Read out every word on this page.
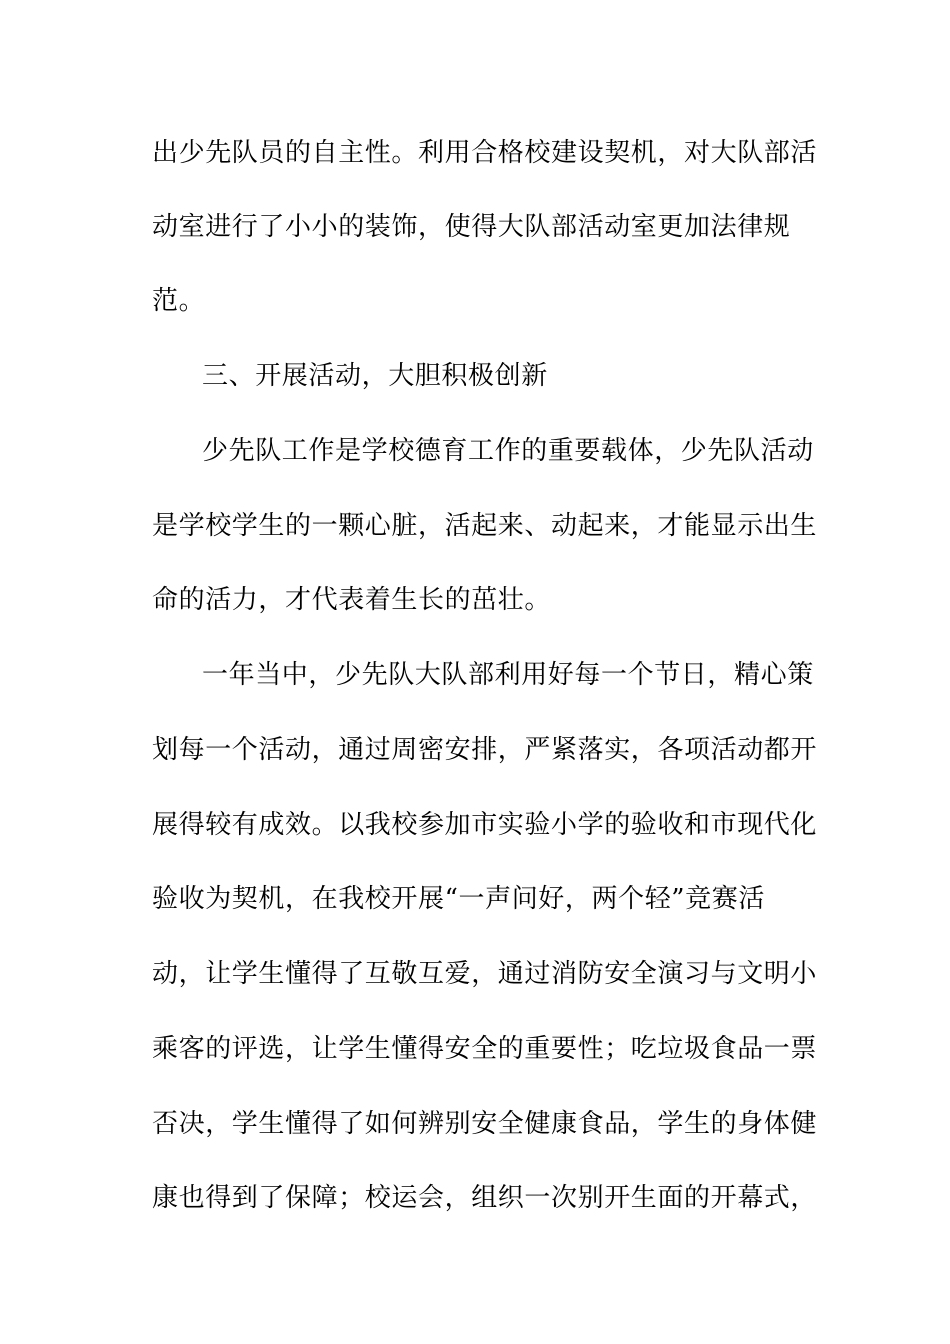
出少先队员的自主性。利用合格校建设契机，对大队部活
动室进行了小小的装饰，使得大队部活动室更加法律规
范。
三、开展活动，大胆积极创新
少先队工作是学校德育工作的重要载体，少先队活动
是学校学生的一颗心脏，活起来、动起来，才能显示出生
命的活力，才代表着生长的茁壮。
一年当中，少先队大队部利用好每一个节日，精心策
划每一个活动，通过周密安排，严紧落实，各项活动都开
展得较有成效。以我校参加市实验小学的验收和市现代化
验收为契机，在我校开展“一声问好，两个轻”竞赛活
动，让学生懂得了互敬互爱，通过消防安全演习与文明小
乘客的评选，让学生懂得安全的重要性；吃垃圾食品一票
否决，学生懂得了如何辨别安全健康食品，学生的身体健
康也得到了保障；校运会，组织一次别开生面的开幕式，
